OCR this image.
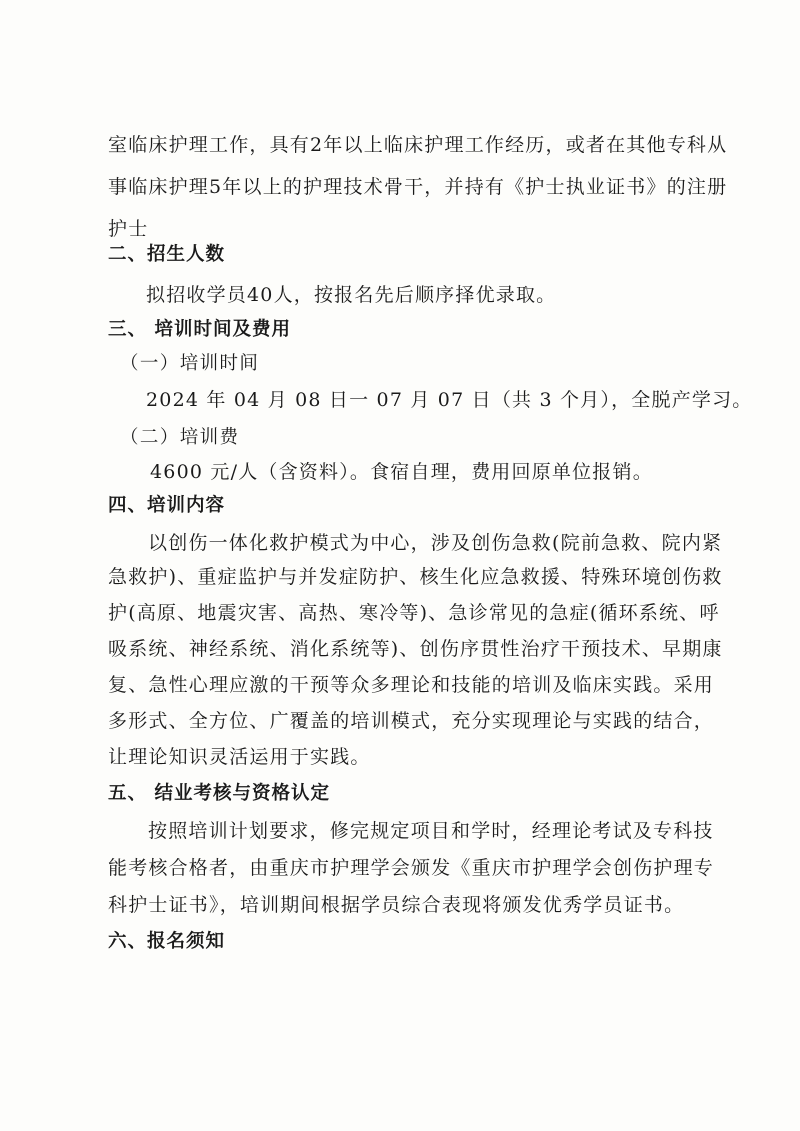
室临床护理工作，具有2年以上临床护理工作经历，或者在其他专科从
事临床护理5年以上的护理技术骨干，并持有《护士执业证书》的注册
护士
二、招生人数
拟招收学员40人，按报名先后顺序择优录取。
三、 培训时间及费用
（一）培训时间
2024 年 04 月 08 日一 07 月 07 日（共 3 个月），全脱产学习。
（二）培训费
4600 元/人（含资料）。食宿自理，费用回原单位报销。
四、培训内容
以创伤一体化救护模式为中心，涉及创伤急救(院前急救、院内紧
急救护)、重症监护与并发症防护、核生化应急救援、特殊环境创伤救
护(高原、地震灾害、高热、寒冷等)、急诊常见的急症(循环系统、呼
吸系统、神经系统、消化系统等)、创伤序贯性治疗干预技术、早期康
复、急性心理应激的干预等众多理论和技能的培训及临床实践。采用
多形式、全方位、广覆盖的培训模式，充分实现理论与实践的结合，
让理论知识灵活运用于实践。
五、 结业考核与资格认定
按照培训计划要求，修完规定项目和学时，经理论考试及专科技
能考核合格者，由重庆市护理学会颁发《重庆市护理学会创伤护理专
科护士证书》，培训期间根据学员综合表现将颁发优秀学员证书。
六、报名须知
